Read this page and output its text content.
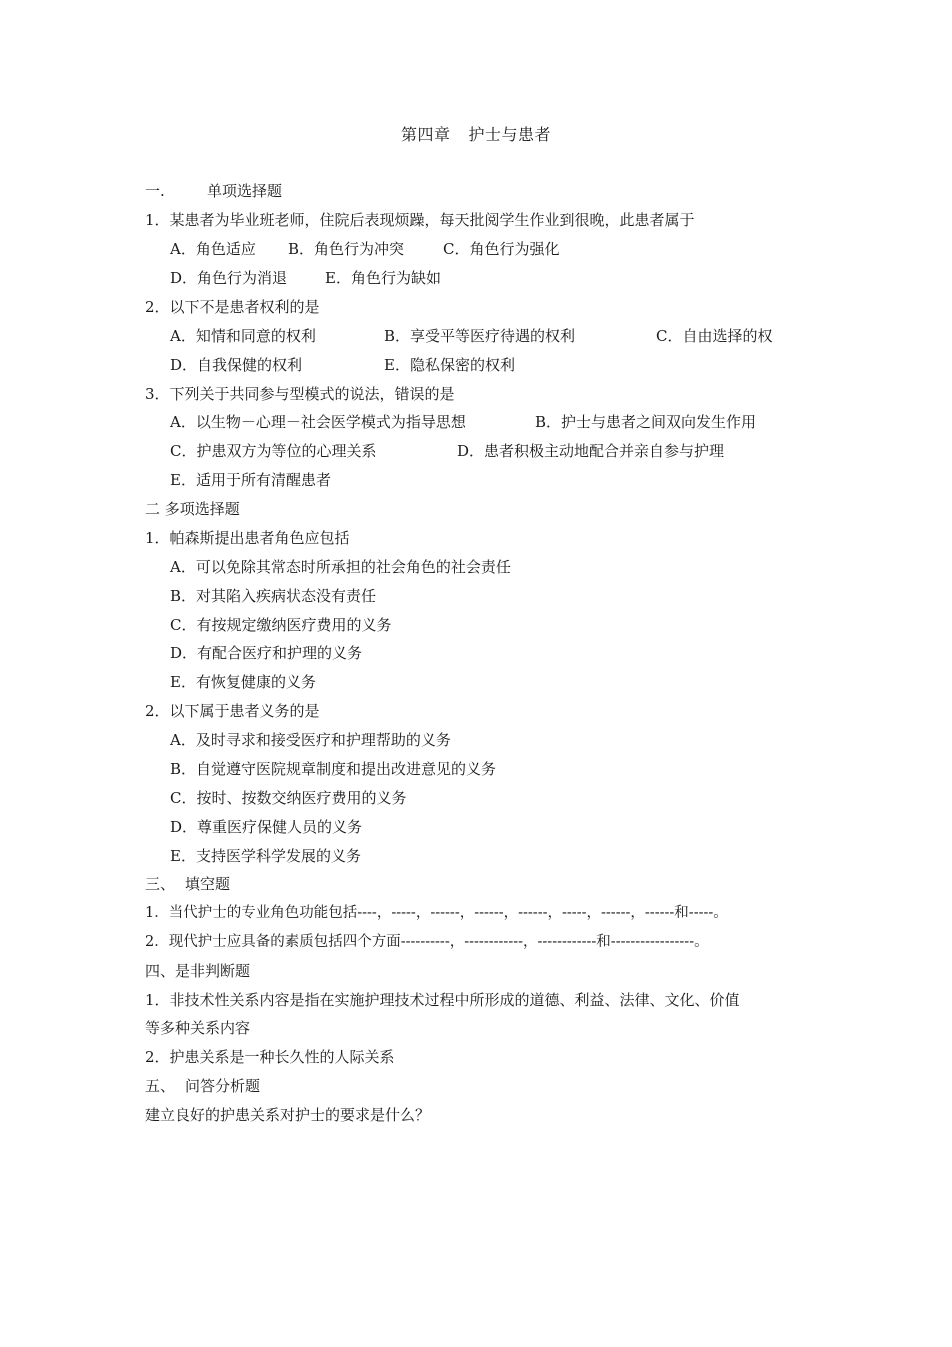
第四章 护士与患者
一.	单项选择题
1．某患者为毕业班老师，住院后表现烦躁，每天批阅学生作业到很晚，此患者属于
A．角色适应 B．角色行为冲突	C．角色行为强化
D．角色行为消退	E．角色行为缺如
2．以下不是患者权利的是
A．知情和同意的权利	B．享受平等医疗待遇的权利	C．自由选择的权
D．自我保健的权利	E．隐私保密的权利
3．下列关于共同参与型模式的说法，错误的是
A．以生物－心理－社会医学模式为指导思想	B．护士与患者之间双向发生作用
C．护患双方为等位的心理关系	D．患者积极主动地配合并亲自参与护理
E．适用于所有清醒患者
二 多项选择题
1．帕森斯提出患者角色应包括
A．可以免除其常态时所承担的社会角色的社会责任
B．对其陷入疾病状态没有责任
C．有按规定缴纳医疗费用的义务
D．有配合医疗和护理的义务
E．有恢复健康的义务
2．以下属于患者义务的是
A．及时寻求和接受医疗和护理帮助的义务
B．自觉遵守医院规章制度和提出改进意见的义务
C．按时、按数交纳医疗费用的义务
D．尊重医疗保健人员的义务
E．支持医学科学发展的义务
三、 填空题
1．当代护士的专业角色功能包括----，-----，------，------，------，-----，------，------和-----。
2．现代护士应具备的素质包括四个方面----------，------------，------------和-----------------。
四、是非判断题
1．非技术性关系内容是指在实施护理技术过程中所形成的道德、利益、法律、文化、价值
等多种关系内容
2．护患关系是一种长久性的人际关系
五、 问答分析题
建立良好的护患关系对护士的要求是什么？
